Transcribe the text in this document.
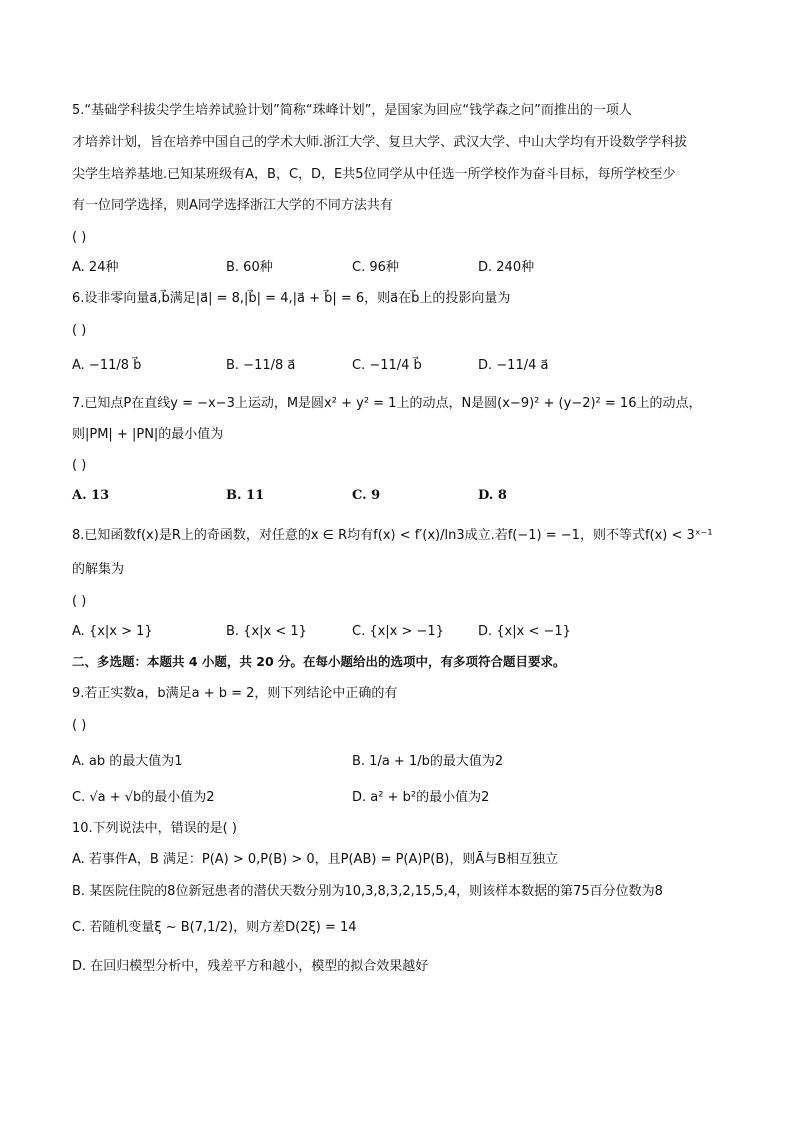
5.“基础学科拔尖学生培养试验计划”简称“珠峰计划”，是国家为回应“钱学森之问”而推出的一项人
才培养计划，旨在培养中国自己的学术大师.浙江大学、复旦大学、武汉大学、中山大学均有开设数学学科拔
尖学生培养基地.已知某班级有A，B，C，D，E共5位同学从中任选一所学校作为奋斗目标，每所学校至少
有一位同学选择，则A同学选择浙江大学的不同方法共有
( )
A. 24种	B. 60种	C. 96种	D. 240种
6.设非零向量a⃗,b⃗满足|a⃗| = 8,|b⃗| = 4,|a⃗ + b⃗| = 6，则a⃗在b⃗上的投影向量为
( )
A. −11/8 b⃗	B. −11/8 a⃗	C. −11/4 b⃗	D. −11/4 a⃗
7.已知点P在直线y = −x−3上运动，M是圆x² + y² = 1上的动点，N是圆(x−9)² + (y−2)² = 16上的动点，
则|PM| + |PN|的最小值为
( )
A. 13	B. 11	C. 9	D. 8
8.已知函数f(x)是R上的奇函数，对任意的x ∈ R均有f(x) < f′(x)/ln3成立.若f(−1) = −1，则不等式f(x) < 3ˣ⁻¹
的解集为
( )
A. {x|x > 1}	B. {x|x < 1}	C. {x|x > −1}	D. {x|x < −1}
二、多选题：本题共 4 小题，共 20 分。在每小题给出的选项中，有多项符合题目要求。
9.若正实数a，b满足a + b = 2，则下列结论中正确的有
( )
A. ab 的最大值为1	B. 1/a + 1/b的最大值为2
C. √a + √b的最小值为2	D. a² + b²的最小值为2
10.下列说法中，错误的是( )
A. 若事件A，B 满足：P(A) > 0,P(B) > 0，且P(AB) = P(A)P(B)，则Ā与B相互独立
B. 某医院住院的8位新冠患者的潜伏天数分别为10,3,8,3,2,15,5,4，则该样本数据的第75百分位数为8
C. 若随机变量ξ ~ B(7,1/2)，则方差D(2ξ) = 14
D. 在回归模型分析中，残差平方和越小，模型的拟合效果越好
